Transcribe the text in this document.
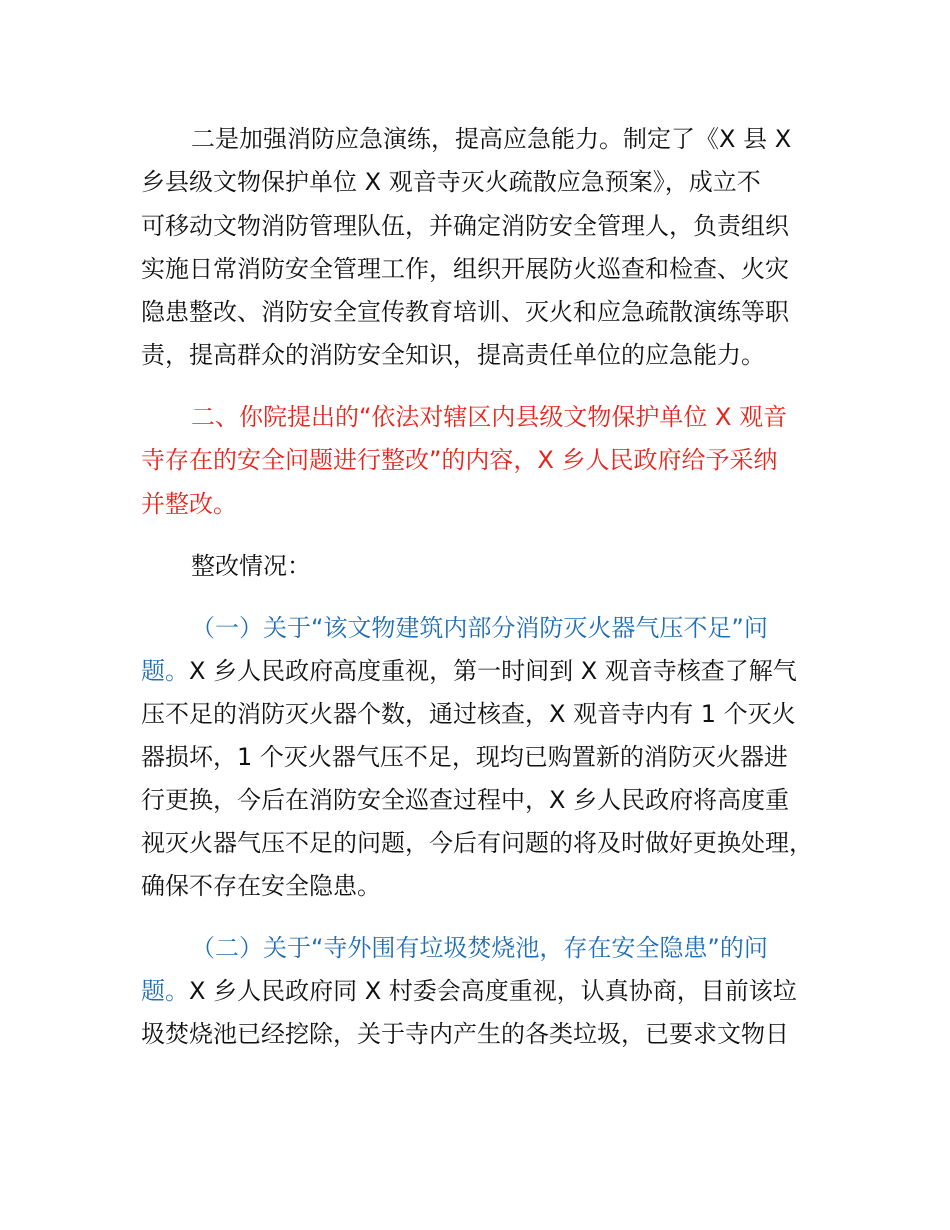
二是加强消防应急演练，提高应急能力。制定了《X 县 X
乡县级文物保护单位 X 观音寺灭火疏散应急预案》，成立不
可移动文物消防管理队伍，并确定消防安全管理人，负责组织
实施日常消防安全管理工作，组织开展防火巡查和检查、火灾
隐患整改、消防安全宣传教育培训、灭火和应急疏散演练等职
责，提高群众的消防安全知识，提高责任单位的应急能力。
二、你院提出的“依法对辖区内县级文物保护单位 X 观音
寺存在的安全问题进行整改”的内容，X 乡人民政府给予采纳
并整改。
整改情况：
（一）关于“该文物建筑内部分消防灭火器气压不足”问
题。X 乡人民政府高度重视，第一时间到 X 观音寺核查了解气
压不足的消防灭火器个数，通过核查，X 观音寺内有 1 个灭火
器损坏，1 个灭火器气压不足，现均已购置新的消防灭火器进
行更换，今后在消防安全巡查过程中，X 乡人民政府将高度重
视灭火器气压不足的问题，今后有问题的将及时做好更换处理，
确保不存在安全隐患。
（二）关于“寺外围有垃圾焚烧池，存在安全隐患”的问
题。X 乡人民政府同 X 村委会高度重视，认真协商，目前该垃
圾焚烧池已经挖除，关于寺内产生的各类垃圾，已要求文物日
